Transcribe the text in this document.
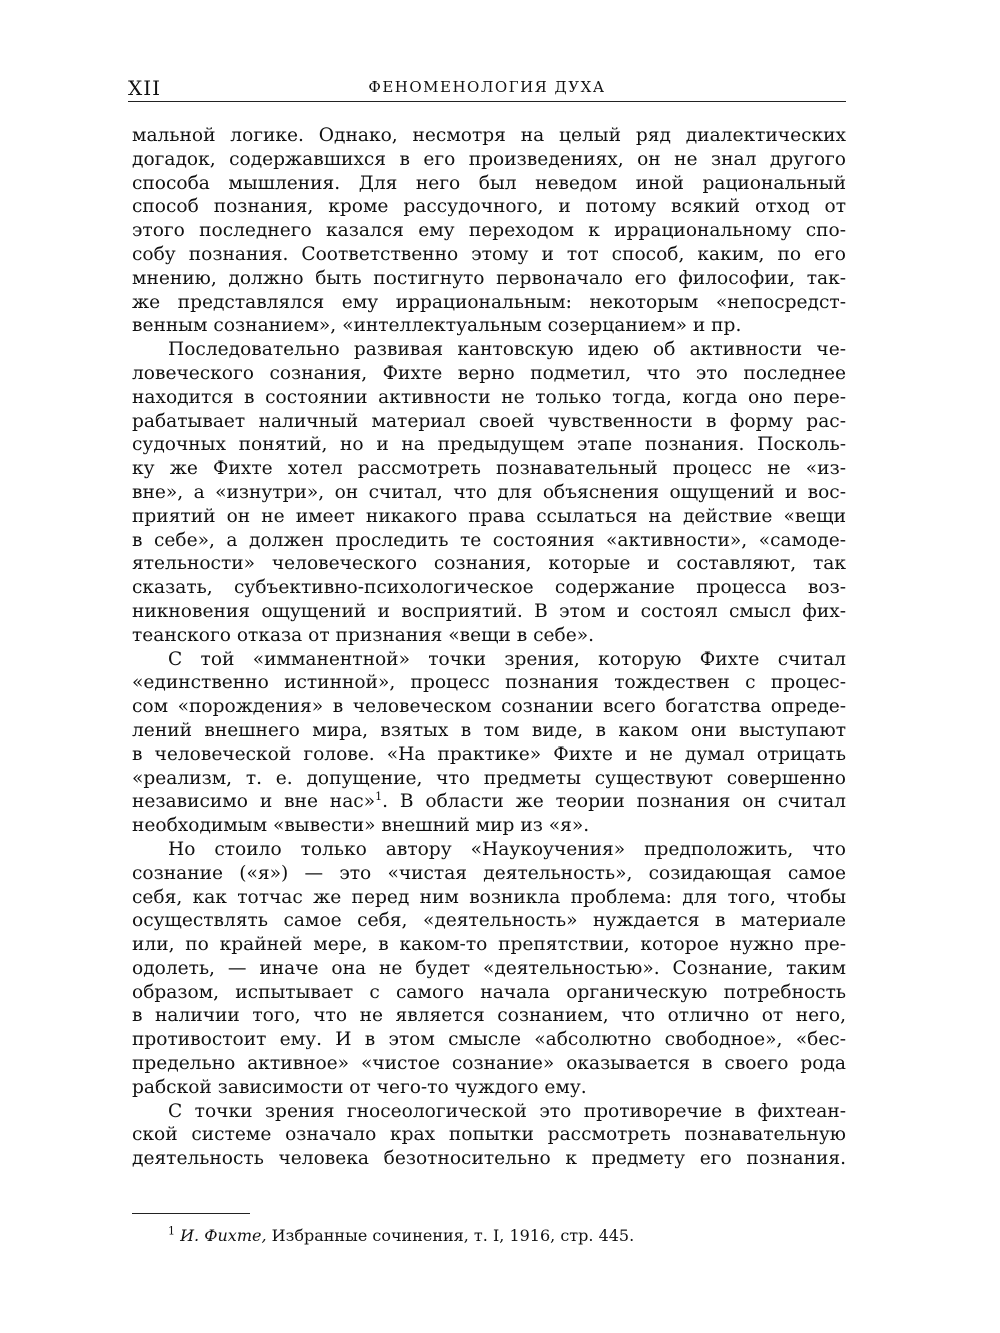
XII	ФЕНОМЕНОЛОГИЯ ДУХА
мальной логике. Однако, несмотря на целый ряд диалектических
догадок, содержавшихся в его произведениях, он не знал другого
способа мышления. Для него был неведом иной рациональный
способ познания, кроме рассудочного, и потому всякий отход от
этого последнего казался ему переходом к иррациональному спо-
собу познания. Соответственно этому и тот способ, каким, по его
мнению, должно быть постигнуто первоначало его философии, так-
же представлялся ему иррациональным: некоторым «непосредст-
венным сознанием», «интеллектуальным созерцанием» и пр.
Последовательно развивая кантовскую идею об активности че-
ловеческого сознания, Фихте верно подметил, что это последнее
находится в состоянии активности не только тогда, когда оно пере-
рабатывает наличный материал своей чувственности в форму рас-
судочных понятий, но и на предыдущем этапе познания. Посколь-
ку же Фихте хотел рассмотреть познавательный процесс не «из-
вне», а «изнутри», он считал, что для объяснения ощущений и вос-
приятий он не имеет никакого права ссылаться на действие «вещи
в себе», а должен проследить те состояния «активности», «самоде-
ятельности» человеческого сознания, которые и составляют, так
сказать, субъективно-психологическое содержание процесса воз-
никновения ощущений и восприятий. В этом и состоял смысл фих-
теанского отказа от признания «вещи в себе».
С той «имманентной» точки зрения, которую Фихте считал
«единственно истинной», процесс познания тождествен с процес-
сом «порождения» в человеческом сознании всего богатства опреде-
лений внешнего мира, взятых в том виде, в каком они выступают
в человеческой голове. «На практике» Фихте и не думал отрицать
«реализм, т. е. допущение, что предметы существуют совершенно
независимо и вне нас»$^1$. В области же теории познания он считал
необходимым «вывести» внешний мир из «я».
Но стоило только автору «Наукоучения» предположить, что
сознание («я») — это «чистая деятельность», созидающая самое
себя, как тотчас же перед ним возникла проблема: для того, чтобы
осуществлять самое себя, «деятельность» нуждается в материале
или, по крайней мере, в каком-то препятствии, которое нужно пре-
одолеть, — иначе она не будет «деятельностью». Сознание, таким
образом, испытывает с самого начала органическую потребность
в наличии того, что не является сознанием, что отлично от него,
противостоит ему. И в этом смысле «абсолютно свободное», «бес-
предельно активное» «чистое сознание» оказывается в своего рода
рабской зависимости от чего-то чуждого ему.
С точки зрения гносеологической это противоречие в фихтеан-
ской системе означало крах попытки рассмотреть познавательную
деятельность человека безотносительно к предмету его познания.
$^1$ И. Фихте, Избранные сочинения, т. I, 1916, стр. 445.
